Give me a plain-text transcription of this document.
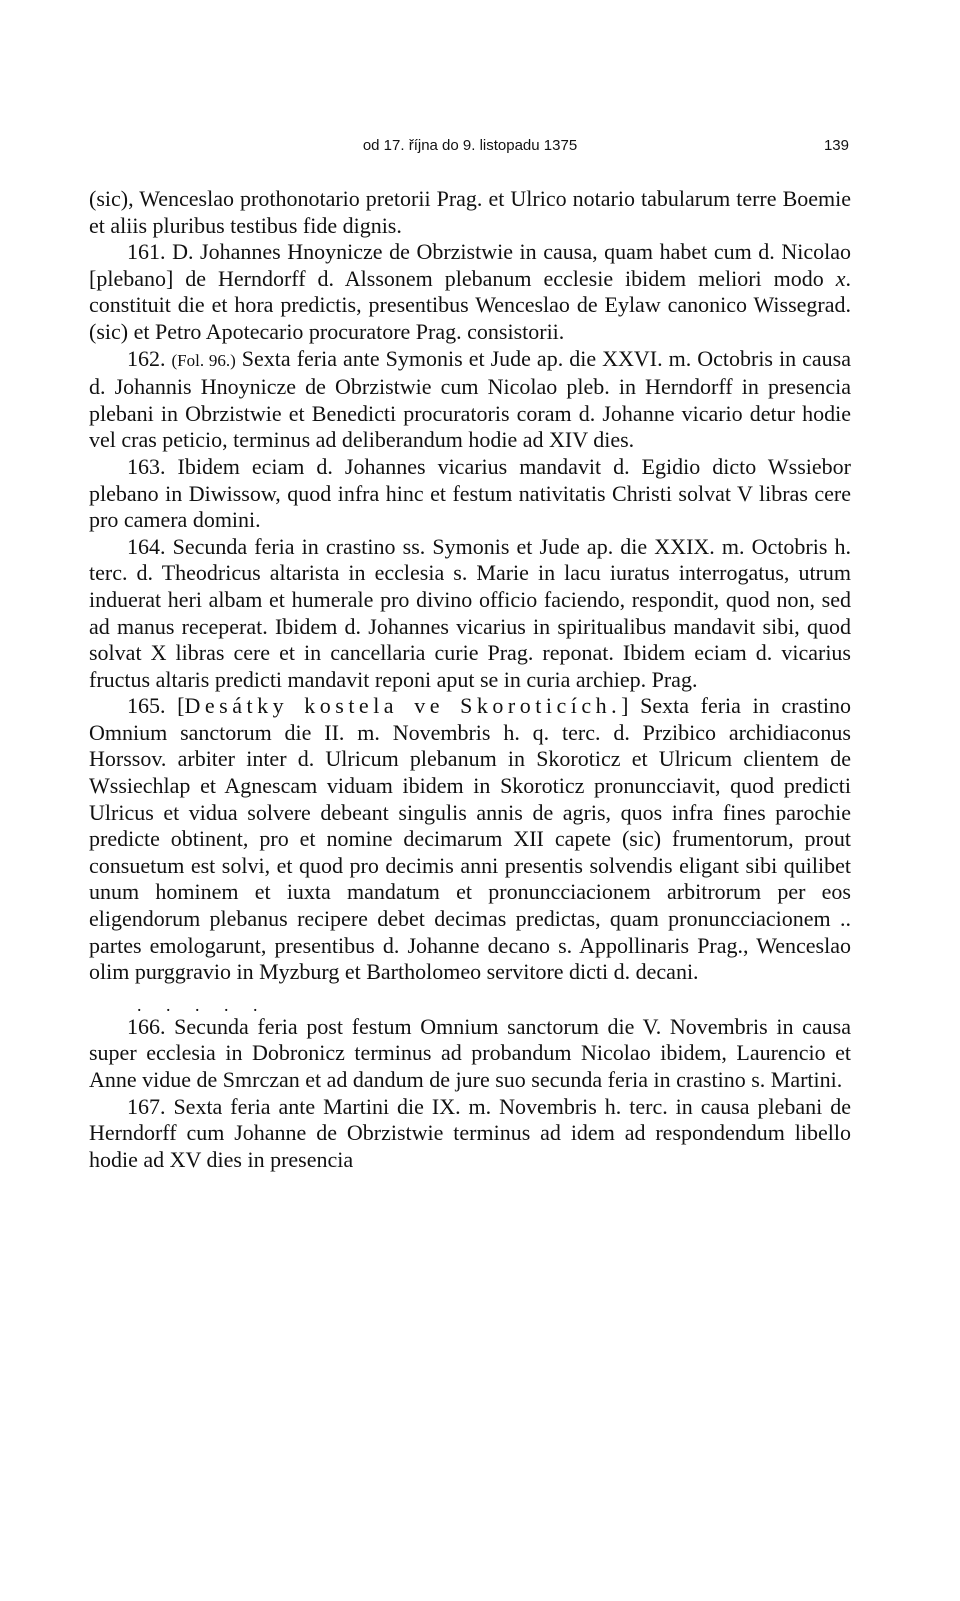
od 17. října do 9. listopadu 1375	139

(sic), Wenceslao prothonotario pretorii Prag. et Ulrico notario tabularum terre Boemie et aliis pluribus testibus fide dignis.

161. D. Johannes Hnoynicze de Obrzistwie in causa, quam habet cum d. Nicolao [plebano] de Herndorff d. Alssonem plebanum ecclesie ibidem meliori modo x. constituit die et hora predictis, presentibus Wenceslao de Eylaw canonico Wissegrad. (sic) et Petro Apotecario procuratore Prag. consistorii.

162. (Fol. 96.) Sexta feria ante Symonis et Jude ap. die XXVI. m. Octobris in causa d. Johannis Hnoynicze de Obrzistwie cum Nicolao pleb. in Herndorff in presencia plebani in Obrzistwie et Benedicti procuratoris coram d. Johanne vicario detur hodie vel cras peticio, terminus ad deliberandum hodie ad XIV dies.

163. Ibidem eciam d. Johannes vicarius mandavit d. Egidio dicto Wssiebor plebano in Diwissow, quod infra hinc et festum nativitatis Christi solvat V libras cere pro camera domini.

164. Secunda feria in crastino ss. Symonis et Jude ap. die XXIX. m. Octobris h. terc. d. Theodricus altarista in ecclesia s. Marie in lacu iuratus interrogatus, utrum induerat heri albam et humerale pro divino officio faciendo, respondit, quod non, sed ad manus receperat. Ibidem d. Johannes vicarius in spiritualibus mandavit sibi, quod solvat X libras cere et in cancellaria curie Prag. reponat. Ibidem eciam d. vicarius fructus altaris predicti mandavit reponi aput se in curia archiep. Prag.

165. [Desátky kostela ve Skoroticích.] Sexta feria in crastino Omnium sanctorum die II. m. Novembris h. q. terc. d. Przibico archidiaconus Horssov. arbiter inter d. Ulricum plebanum in Skoroticz et Ulricum clientem de Wssiechlap et Agnescam viduam ibidem in Skoroticz pronuncciavit, quod predicti Ulricus et vidua solvere debeant singulis annis de agris, quos infra fines parochie predicte obtinent, pro et nomine decimarum XII capete (sic) frumentorum, prout consuetum est solvi, et quod pro decimis anni presentis solvendis eligant sibi quilibet unum hominem et iuxta mandatum et pronuncciacionem arbitrorum per eos eligendorum plebanus recipere debet decimas predictas, quam pronuncciacionem .. partes emologarunt, presentibus d. Johanne decano s. Appollinaris Prag., Wenceslao olim purggravio in Myzburg et Bartholomeo servitore dicti d. decani.

. . . . .

166. Secunda feria post festum Omnium sanctorum die V. Novembris in causa super ecclesia in Dobronicz terminus ad probandum Nicolao ibidem, Laurencio et Anne vidue de Smrczan et ad dandum de jure suo secunda feria in crastino s. Martini.

167. Sexta feria ante Martini die IX. m. Novembris h. terc. in causa plebani de Herndorff cum Johanne de Obrzistwie terminus ad idem ad respondendum libello hodie ad XV dies in presencia
